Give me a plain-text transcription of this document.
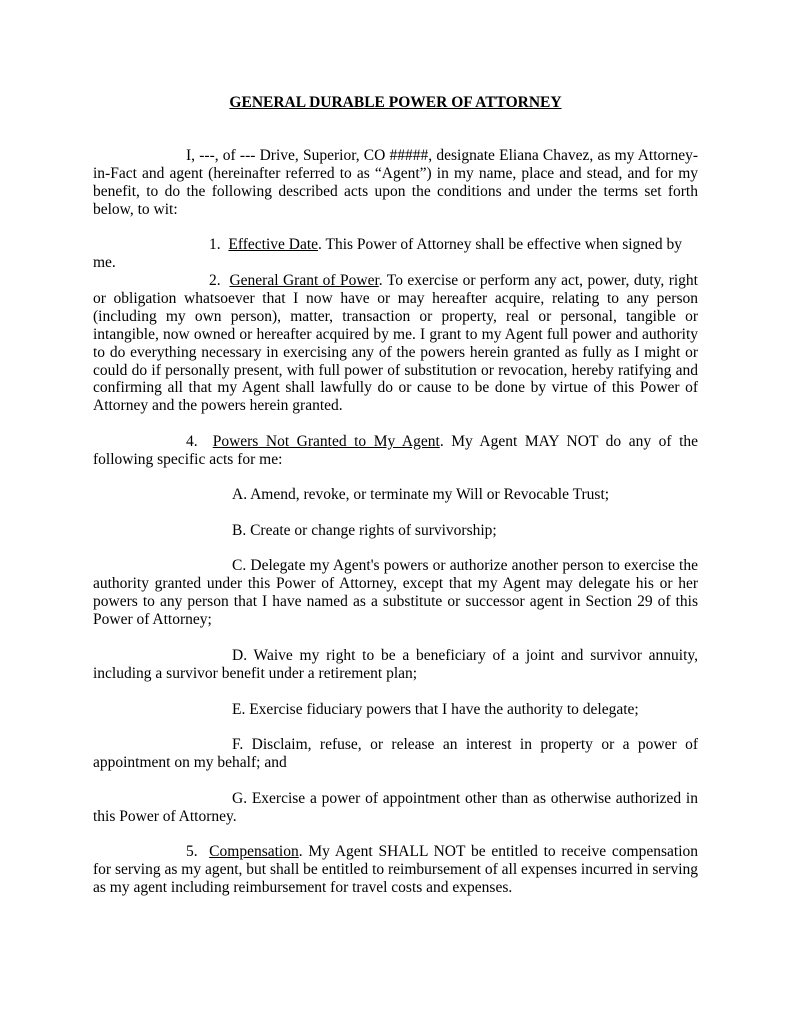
GENERAL DURABLE POWER OF ATTORNEY

I, ---, of --- Drive, Superior, CO #####, designate Eliana Chavez, as my Attorney-in-Fact and agent (hereinafter referred to as “Agent”) in my name, place and stead, and for my benefit, to do the following described acts upon the conditions and under the terms set forth below, to wit:

1. Effective Date. This Power of Attorney shall be effective when signed by me.

2. General Grant of Power. To exercise or perform any act, power, duty, right or obligation whatsoever that I now have or may hereafter acquire, relating to any person (including my own person), matter, transaction or property, real or personal, tangible or intangible, now owned or hereafter acquired by me. I grant to my Agent full power and authority to do everything necessary in exercising any of the powers herein granted as fully as I might or could do if personally present, with full power of substitution or revocation, hereby ratifying and confirming all that my Agent shall lawfully do or cause to be done by virtue of this Power of Attorney and the powers herein granted.

4. Powers Not Granted to My Agent. My Agent MAY NOT do any of the following specific acts for me:

A. Amend, revoke, or terminate my Will or Revocable Trust;

B. Create or change rights of survivorship;

C. Delegate my Agent's powers or authorize another person to exercise the authority granted under this Power of Attorney, except that my Agent may delegate his or her powers to any person that I have named as a substitute or successor agent in Section 29 of this Power of Attorney;

D. Waive my right to be a beneficiary of a joint and survivor annuity, including a survivor benefit under a retirement plan;

E. Exercise fiduciary powers that I have the authority to delegate;

F. Disclaim, refuse, or release an interest in property or a power of appointment on my behalf; and

G. Exercise a power of appointment other than as otherwise authorized in this Power of Attorney.

5. Compensation. My Agent SHALL NOT be entitled to receive compensation for serving as my agent, but shall be entitled to reimbursement of all expenses incurred in serving as my agent including reimbursement for travel costs and expenses.
